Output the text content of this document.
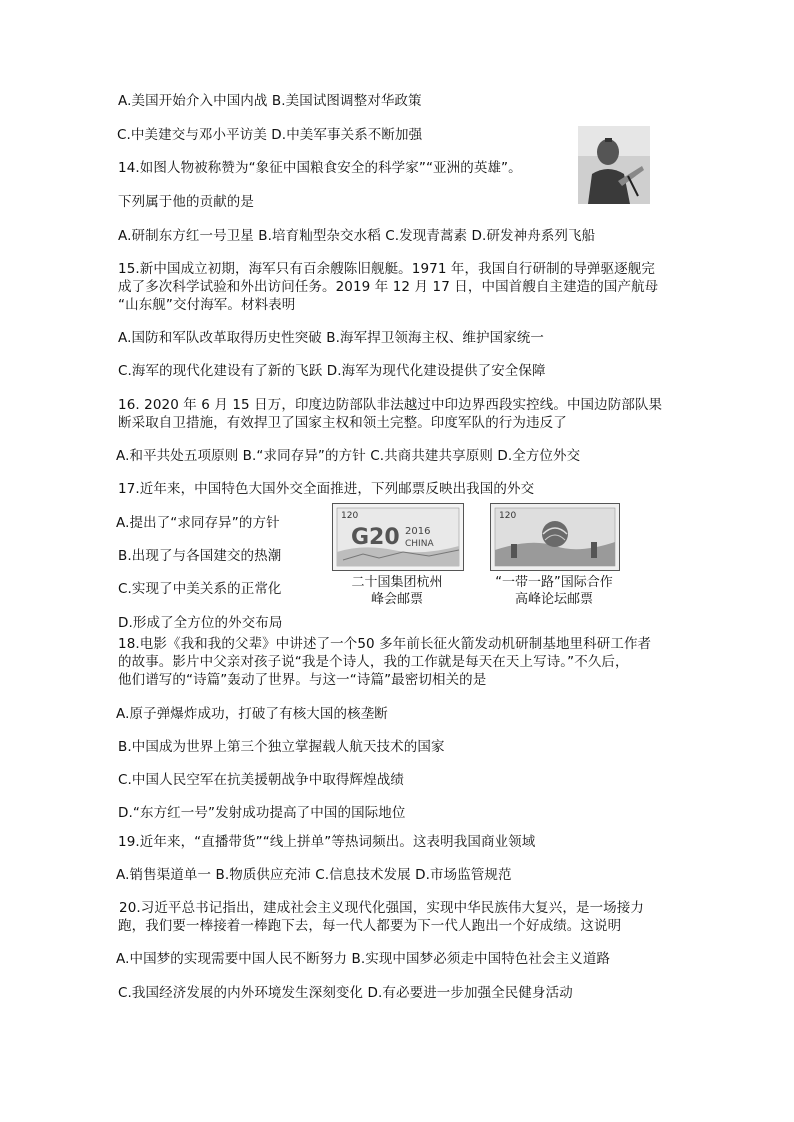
A.美国开始介入中国内战 B.美国试图调整对华政策
C.中美建交与邓小平访美 D.中美军事关系不断加强
14.如图人物被称赞为“象征中国粮食安全的科学家”“亚洲的英雄”。
下列属于他的贡献的是
A.研制东方红一号卫星 B.培育籼型杂交水稻 C.发现青蒿素 D.研发神舟系列飞船
15.新中国成立初期，海军只有百余艘陈旧舰艇。1971 年，我国自行研制的导弹驱逐舰完
成了多次科学试验和外出访问任务。2019 年 12 月 17 日，中国首艘自主建造的国产航母
“山东舰”交付海军。材料表明
A.国防和军队改革取得历史性突破 B.海军捍卫领海主权、维护国家统一
C.海军的现代化建设有了新的飞跃 D.海军为现代化建设提供了安全保障
16. 2020 年 6 月 15 日万，印度边防部队非法越过中印边界西段实控线。中国边防部队果
断采取自卫措施，有效捍卫了国家主权和领土完整。印度军队的行为违反了
A.和平共处五项原则 B.“求同存异”的方针 C.共商共建共享原则 D.全方位外交
17.近年来，中国特色大国外交全面推进，下列邮票反映出我国的外交
A.提出了“求同存异”的方针
B.出现了与各国建交的热潮
C.实现了中美关系的正常化
D.形成了全方位的外交布局
120
G20 2016
CHINA
二十国集团杭州
峰会邮票
120
“一带一路”国际合作
高峰论坛邮票
18.电影《我和我的父辈》中讲述了一个50 多年前长征火箭发动机研制基地里科研工作者
的故事。影片中父亲对孩子说“我是个诗人，我的工作就是每天在天上写诗。”不久后，
他们谱写的“诗篇”轰动了世界。与这一“诗篇”最密切相关的是
A.原子弹爆炸成功，打破了有核大国的核垄断
B.中国成为世界上第三个独立掌握载人航天技术的国家
C.中国人民空军在抗美援朝战争中取得辉煌战绩
D.“东方红一号”发射成功提高了中国的国际地位
19.近年来，“直播带货”“线上拼单”等热词频出。这表明我国商业领域
A.销售渠道单一 B.物质供应充沛 C.信息技术发展 D.市场监管规范
20.习近平总书记指出，建成社会主义现代化强国，实现中华民族伟大复兴，是一场接力
跑，我们要一棒接着一棒跑下去，每一代人都要为下一代人跑出一个好成绩。这说明
A.中国梦的实现需要中国人民不断努力 B.实现中国梦必须走中国特色社会主义道路
C.我国经济发展的内外环境发生深刻变化 D.有必要进一步加强全民健身活动
